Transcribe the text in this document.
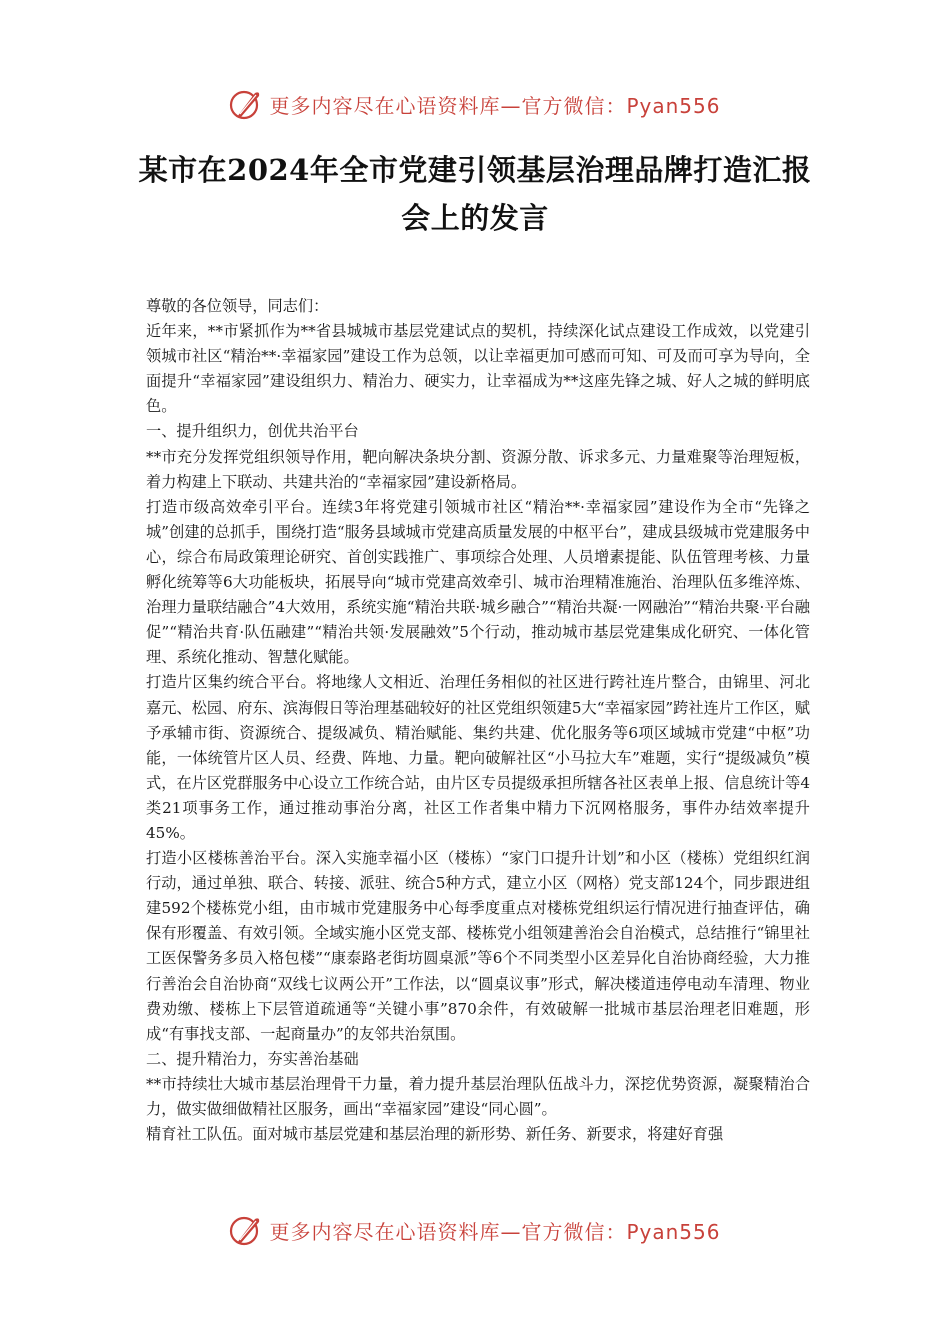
更多内容尽在心语资料库—官方微信：Pyan556
某市在2024年全市党建引领基层治理品牌打造汇报
会上的发言

尊敬的各位领导，同志们：

近年来，**市紧抓作为**省县城城市基层党建试点的契机，持续深化试点建设工作成效，以党建引领城市社区“精治**·幸福家园”建设工作为总领，以让幸福更加可感而可知、可及而可享为导向，全面提升“幸福家园”建设组织力、精治力、硬实力，让幸福成为**这座先锋之城、好人之城的鲜明底色。

一、提升组织力，创优共治平台

**市充分发挥党组织领导作用，靶向解决条块分割、资源分散、诉求多元、力量难聚等治理短板，着力构建上下联动、共建共治的“幸福家园”建设新格局。

打造市级高效牵引平台。连续3年将党建引领城市社区“精治**·幸福家园”建设作为全市“先锋之城”创建的总抓手，围绕打造“服务县域城市党建高质量发展的中枢平台”，建成县级城市党建服务中心，综合布局政策理论研究、首创实践推广、事项综合处理、人员增素提能、队伍管理考核、力量孵化统筹等6大功能板块，拓展导向“城市党建高效牵引、城市治理精准施治、治理队伍多维淬炼、治理力量联结融合”4大效用，系统实施“精治共联·城乡融合”“精治共凝·一网融治”“精治共聚·平台融促”“精治共育·队伍融建”“精治共领·发展融效”5个行动，推动城市基层党建集成化研究、一体化管理、系统化推动、智慧化赋能。

打造片区集约统合平台。将地缘人文相近、治理任务相似的社区进行跨社连片整合，由锦里、河北嘉元、松园、府东、滨海假日等治理基础较好的社区党组织领建5大“幸福家园”跨社连片工作区，赋予承辅市街、资源统合、提级减负、精治赋能、集约共建、优化服务等6项区域城市党建“中枢”功能，一体统管片区人员、经费、阵地、力量。靶向破解社区“小马拉大车”难题，实行“提级减负”模式，在片区党群服务中心设立工作统合站，由片区专员提级承担所辖各社区表单上报、信息统计等4类21项事务工作，通过推动事治分离，社区工作者集中精力下沉网格服务，事件办结效率提升45%。

打造小区楼栋善治平台。深入实施幸福小区（楼栋）“家门口提升计划”和小区（楼栋）党组织红润行动，通过单独、联合、转接、派驻、统合5种方式，建立小区（网格）党支部124个，同步跟进组建592个楼栋党小组，由市城市党建服务中心每季度重点对楼栋党组织运行情况进行抽查评估，确保有形覆盖、有效引领。全域实施小区党支部、楼栋党小组领建善治会自治模式，总结推行“锦里社工医保警务多员入格包楼”“康泰路老街坊圆桌派”等6个不同类型小区差异化自治协商经验，大力推行善治会自治协商“双线七议两公开”工作法，以“圆桌议事”形式，解决楼道违停电动车清理、物业费劝缴、楼栋上下层管道疏通等“关键小事”870余件，有效破解一批城市基层治理老旧难题，形成“有事找支部、一起商量办”的友邻共治氛围。

二、提升精治力，夯实善治基础

**市持续壮大城市基层治理骨干力量，着力提升基层治理队伍战斗力，深挖优势资源，凝聚精治合力，做实做细做精社区服务，画出“幸福家园”建设“同心圆”。

精育社工队伍。面对城市基层党建和基层治理的新形势、新任务、新要求，将建好育强

更多内容尽在心语资料库—官方微信：Pyan556
